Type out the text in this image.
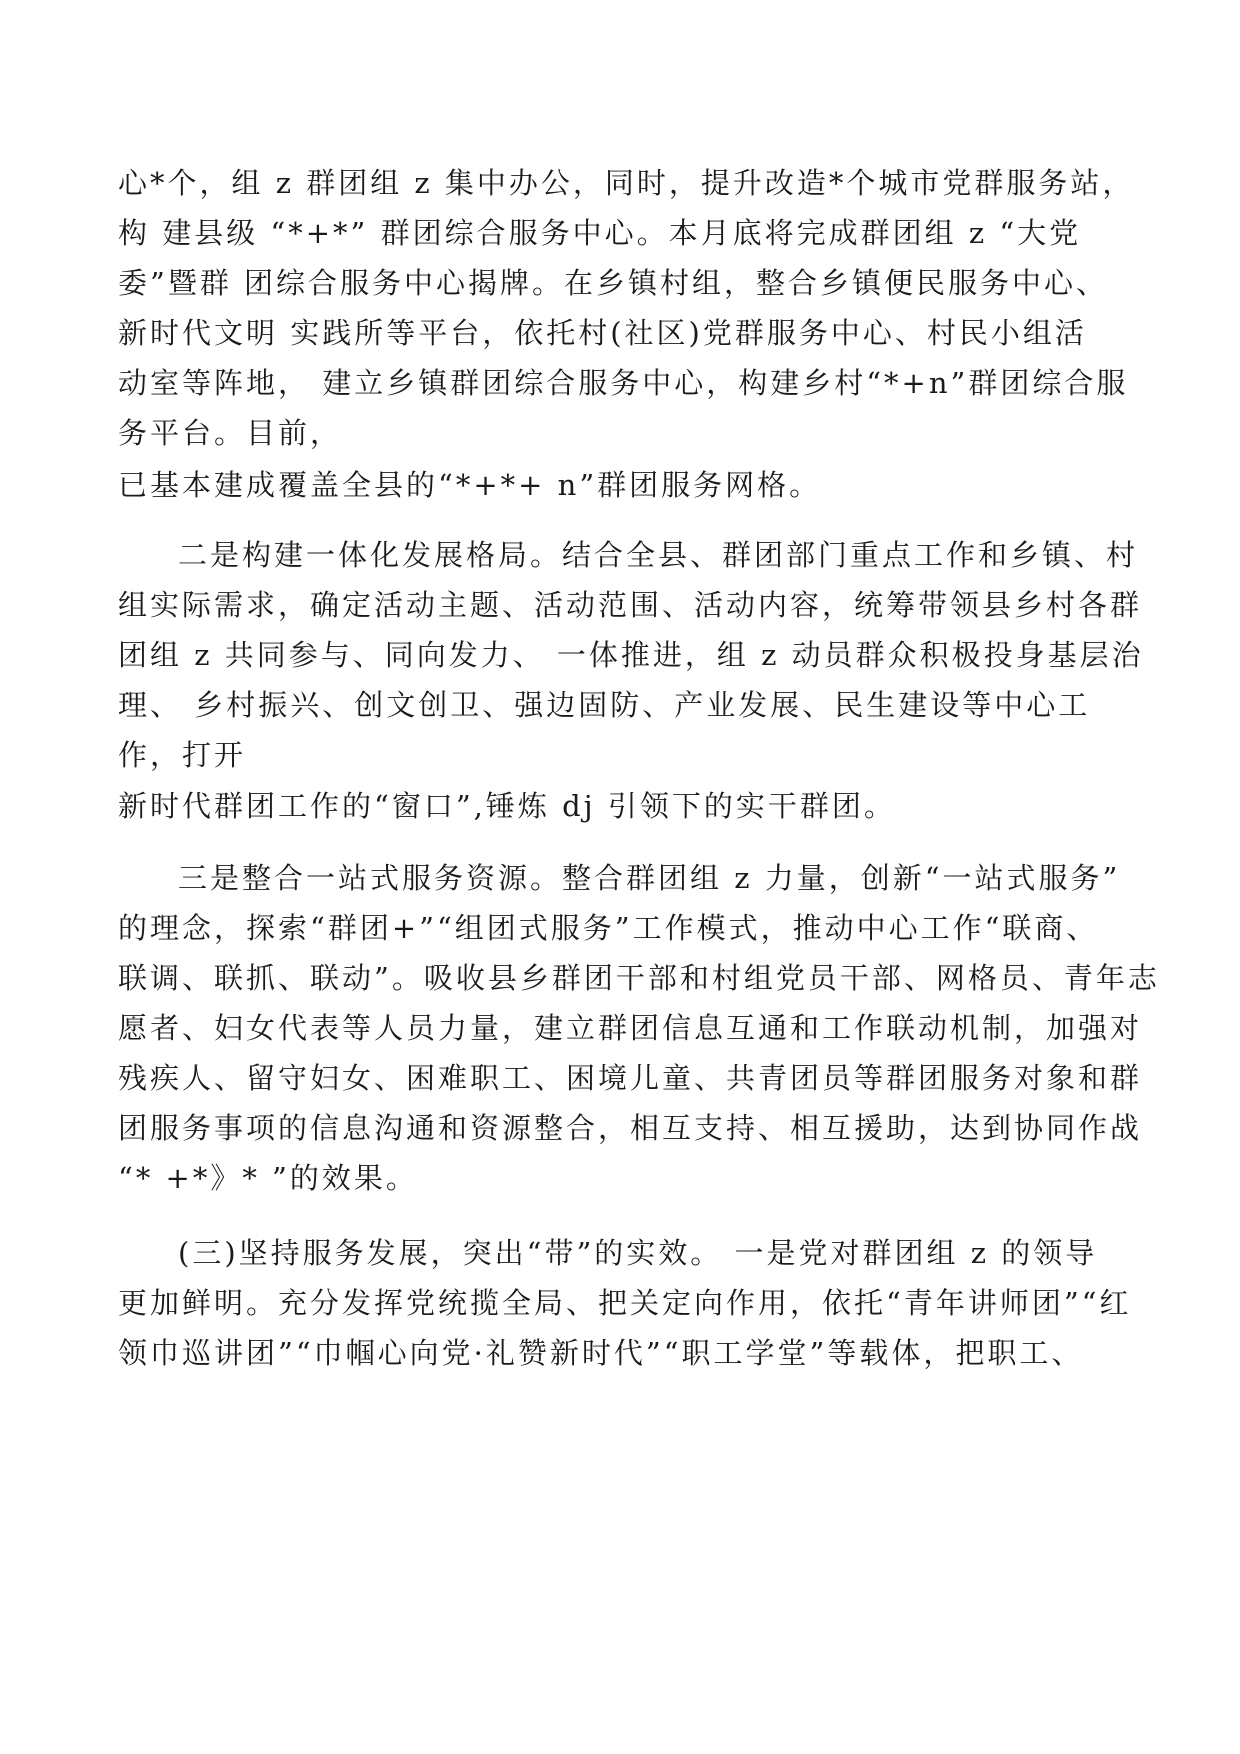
心*个，组 z 群团组 z 集中办公，同时，提升改造*个城市党群服务站，

构 建县级 “*+*” 群团综合服务中心。本月底将完成群团组 z “大党

委”暨群 团综合服务中心揭牌。在乡镇村组，整合乡镇便民服务中心、

新时代文明 实践所等平台，依托村(社区)党群服务中心、村民小组活

动室等阵地， 建立乡镇群团综合服务中心，构建乡村“*+n”群团综合服

务平台。目前，

已基本建成覆盖全县的“*+*+ n”群团服务网格。

二是构建一体化发展格局。结合全县、群团部门重点工作和乡镇、村

组实际需求，确定活动主题、活动范围、活动内容，统筹带领县乡村各群

团组 z 共同参与、同向发力、 一体推进，组 z 动员群众积极投身基层治

理、 乡村振兴、创文创卫、强边固防、产业发展、民生建设等中心工

作，打开

新时代群团工作的“窗口”,锤炼 dj 引领下的实干群团。

三是整合一站式服务资源。整合群团组 z 力量，创新“一站式服务”

的理念，探索“群团+”“组团式服务”工作模式，推动中心工作“联商、

联调、联抓、联动”。吸收县乡群团干部和村组党员干部、网格员、青年志

愿者、妇女代表等人员力量，建立群团信息互通和工作联动机制，加强对

残疾人、留守妇女、困难职工、困境儿童、共青团员等群团服务对象和群

团服务事项的信息沟通和资源整合，相互支持、相互援助，达到协同作战

“* +*》* ”的效果。

(三)坚持服务发展，突出“带”的实效。 一是党对群团组 z 的领导

更加鲜明。充分发挥党统揽全局、把关定向作用，依托“青年讲师团”“红

领巾巡讲团”“巾帼心向党·礼赞新时代”“职工学堂”等载体，把职工、
